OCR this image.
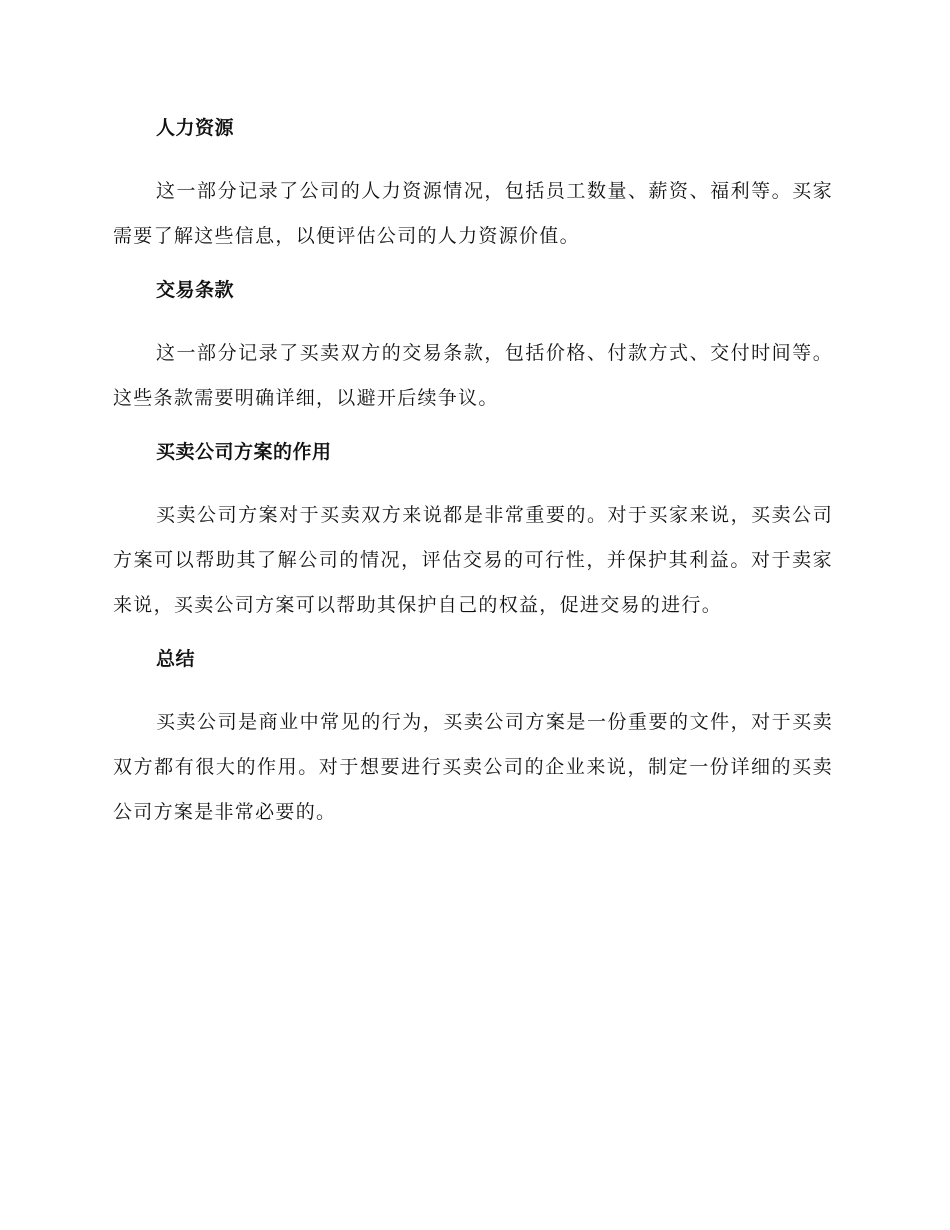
人力资源

这一部分记录了公司的人力资源情况，包括员工数量、薪资、福利等。买家需要了解这些信息，以便评估公司的人力资源价值。

交易条款

这一部分记录了买卖双方的交易条款，包括价格、付款方式、交付时间等。这些条款需要明确详细，以避开后续争议。

买卖公司方案的作用

买卖公司方案对于买卖双方来说都是非常重要的。对于买家来说，买卖公司方案可以帮助其了解公司的情况，评估交易的可行性，并保护其利益。对于卖家来说，买卖公司方案可以帮助其保护自己的权益，促进交易的进行。

总结

买卖公司是商业中常见的行为，买卖公司方案是一份重要的文件，对于买卖双方都有很大的作用。对于想要进行买卖公司的企业来说，制定一份详细的买卖公司方案是非常必要的。
